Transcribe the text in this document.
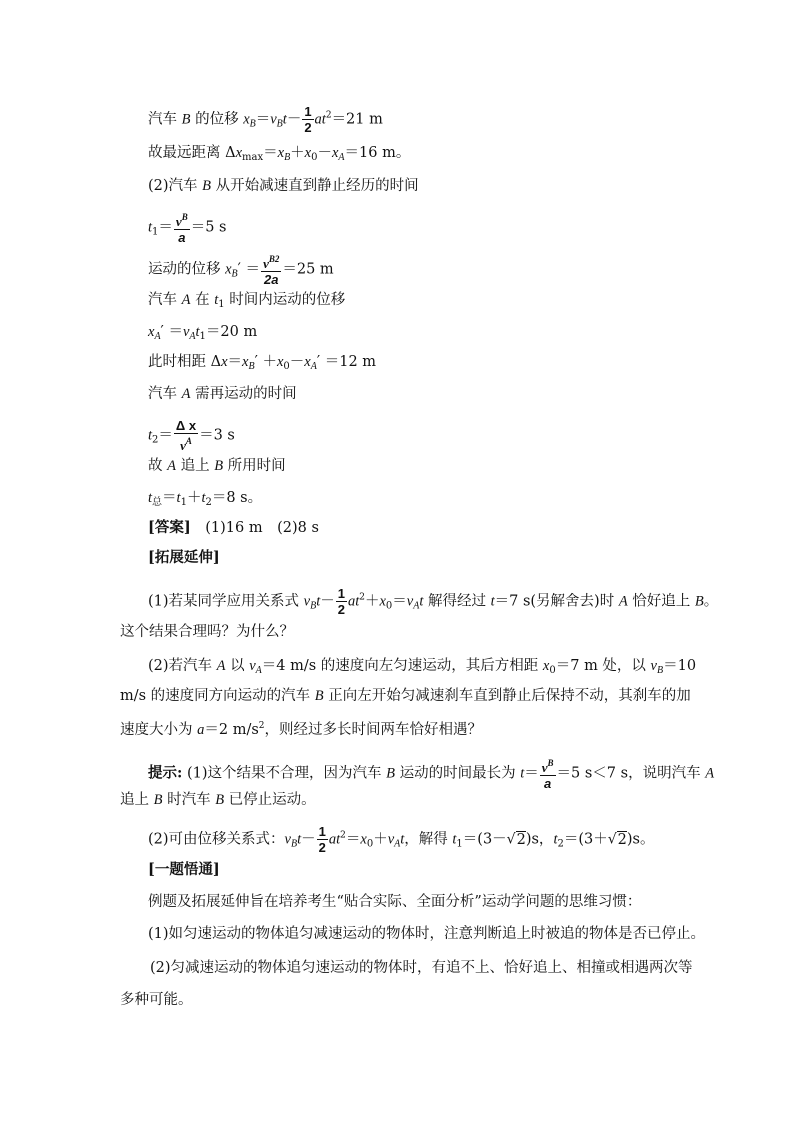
汽车 B 的位移 $x_B=v_Bt- \frac{1}{2} at^2=21$ m
故最远距离 $\Delta x_{max}=x_B+x_0-x_A=16$ m。
(2)汽车 B 从开始减速直到静止经历的时间
$t_1= \frac{v^B}{a} =5$ s
运动的位移 $x_B' = \frac{v^{B2}}{2a} =25$ m
汽车 A 在 $t_1$ 时间内运动的位移
$x_A' =v_At_1=20$ m
此时相距 $\Delta x=x_B' +x_0-x_A' =12$ m
汽车 A 需再运动的时间
$t_2= \frac{\text{Δ x}}{v^A} =3$ s
故 A 追上 B 所用时间
$t_总=t_1+t_2=8$ s。
[答案]　(1)16 m　(2)8 s
[拓展延伸]
(1)若某同学应用关系式 $v_Bt- \frac{1}{2} at^2+x_0=v_At$ 解得经过 t＝7 s(另解舍去)时 A 恰好追上 B。
这个结果合理吗？为什么？
(2)若汽车 A 以 $v_A=4$ m/s 的速度向左匀速运动，其后方相距 $x_0=7$ m 处，以 $v_B=10$
m/s 的速度同方向运动的汽车 B 正向左开始匀减速刹车直到静止后保持不动，其刹车的加
速度大小为 a＝2 $m/s^2$，则经过多长时间两车恰好相遇？
提示: (1)这个结果不合理，因为汽车 B 运动的时间最长为 $t= \frac{v^B}{a} =5$ s＜7 s，说明汽车 A
追上 B 时汽车 B 已停止运动。
(2)可由位移关系式：$v_Bt- \frac{1}{2} at^2=x_0+v_At$，解得 $t_1=(3-√2)s$，$t_2=(3+√2)s$。
[一题悟通]
例题及拓展延伸旨在培养考生“贴合实际、全面分析”运动学问题的思维习惯：
(1)如匀速运动的物体追匀减速运动的物体时，注意判断追上时被追的物体是否已停止。
(2)匀减速运动的物体追匀速运动的物体时，有追不上、恰好追上、相撞或相遇两次等
多种可能。
